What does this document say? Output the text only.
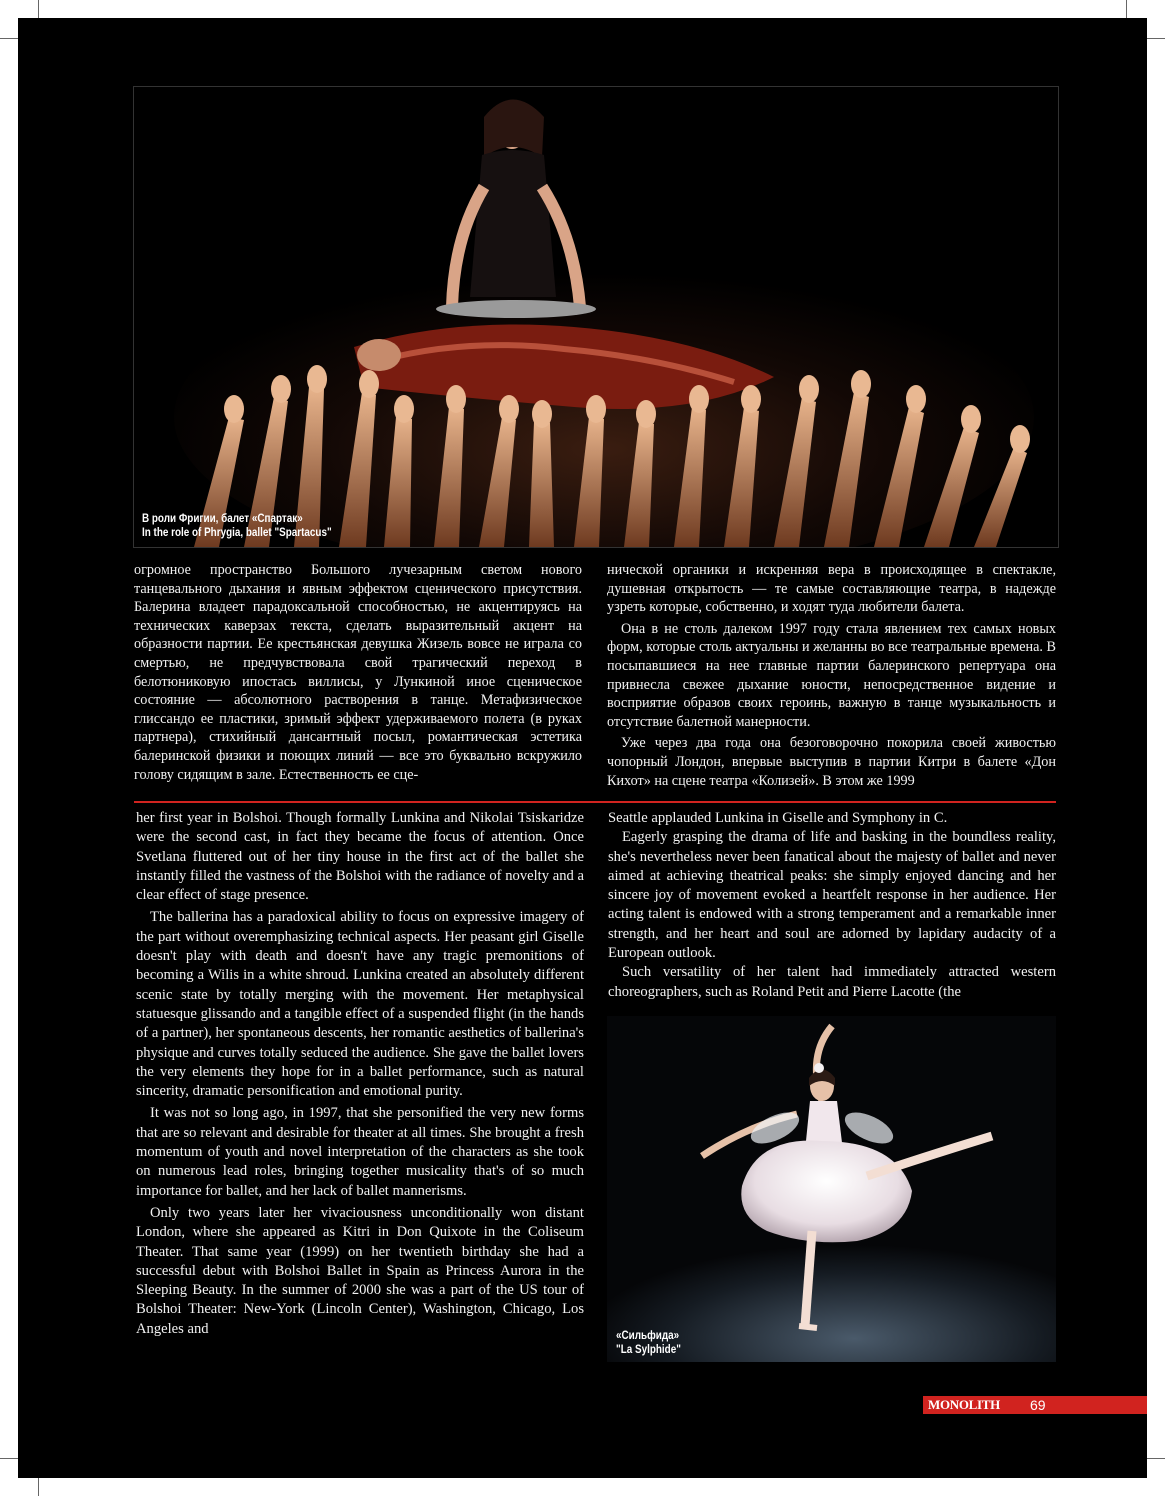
В роли Фригии, балет «Спартак»
In the role of Phrygia, ballet "Spartacus"

огромное пространство Большого лучезарным светом нового танцевального дыхания и явным эффектом сценического присутствия. Балерина владеет парадоксальной способностью, не акцентируясь на технических каверзах текста, сделать выразительный акцент на образности партии. Ее крестьянская девушка Жизель вовсе не играла со смертью, не предчувствовала свой трагический переход в белотюниковую ипостась виллисы, у Лункиной иное сценическое состояние — абсолютного растворения в танце. Метафизическое глиссандо ее пластики, зримый эффект удерживаемого полета (в руках партнера), стихийный дансантный посыл, романтическая эстетика балеринской физики и поющих линий — все это буквально вскружило голову сидящим в зале. Естественность ее сце-

нической органики и искренняя вера в происходящее в спектакле, душевная открытость — те самые составляющие театра, в надежде узреть которые, собственно, и ходят туда любители балета.

Она в не столь далеком 1997 году стала явлением тех самых новых форм, которые столь актуальны и желанны во все театральные времена. В посыпавшиеся на нее главные партии балеринского репертуара она привнесла свежее дыхание юности, непосредственное видение и восприятие образов своих героинь, важную в танце музыкальность и отсутствие балетной манерности.

Уже через два года она безоговорочно покорила своей живостью чопорный Лондон, впервые выступив в партии Китри в балете «Дон Кихот» на сцене театра «Колизей». В этом же 1999

her first year in Bolshoi. Though formally Lunkina and Nikolai Tsiskaridze were the second cast, in fact they became the focus of attention. Once Svetlana fluttered out of her tiny house in the first act of the ballet she instantly filled the vastness of the Bolshoi with the radiance of novelty and a clear effect of stage presence.

The ballerina has a paradoxical ability to focus on expressive imagery of the part without overemphasizing technical aspects. Her peasant girl Giselle doesn't play with death and doesn't have any tragic premonitions of becoming a Wilis in a white shroud. Lunkina created an absolutely different scenic state by totally merging with the movement. Her metaphysical statuesque glissando and a tangible effect of a suspended flight (in the hands of a partner), her spontaneous descents, her romantic aesthetics of ballerina's physique and curves totally seduced the audience. She gave the ballet lovers the very elements they hope for in a ballet performance, such as natural sincerity, dramatic personification and emotional purity.

It was not so long ago, in 1997, that she personified the very new forms that are so relevant and desirable for theater at all times. She brought a fresh momentum of youth and novel interpretation of the characters as she took on numerous lead roles, bringing together musicality that's of so much importance for ballet, and her lack of ballet mannerisms.

Only two years later her vivaciousness unconditionally won distant London, where she appeared as Kitri in Don Quixote in the Coliseum Theater. That same year (1999) on her twentieth birthday she had a successful debut with Bolshoi Ballet in Spain as Princess Aurora in the Sleeping Beauty. In the summer of 2000 she was a part of the US tour of Bolshoi Theater: New-York (Lincoln Center), Washington, Chicago, Los Angeles and

Seattle applauded Lunkina in Giselle and Symphony in C.

Eagerly grasping the drama of life and basking in the boundless reality, she's nevertheless never been fanatical about the majesty of ballet and never aimed at achieving theatrical peaks: she simply enjoyed dancing and her sincere joy of movement evoked a heartfelt response in her audience. Her acting talent is endowed with a strong temperament and a remarkable inner strength, and her heart and soul are adorned by lapidary audacity of a European outlook.

Such versatility of her talent had immediately attracted western choreographers, such as Roland Petit and Pierre Lacotte (the

«Сильфида»
"La Sylphide"
MONOLITH 69
